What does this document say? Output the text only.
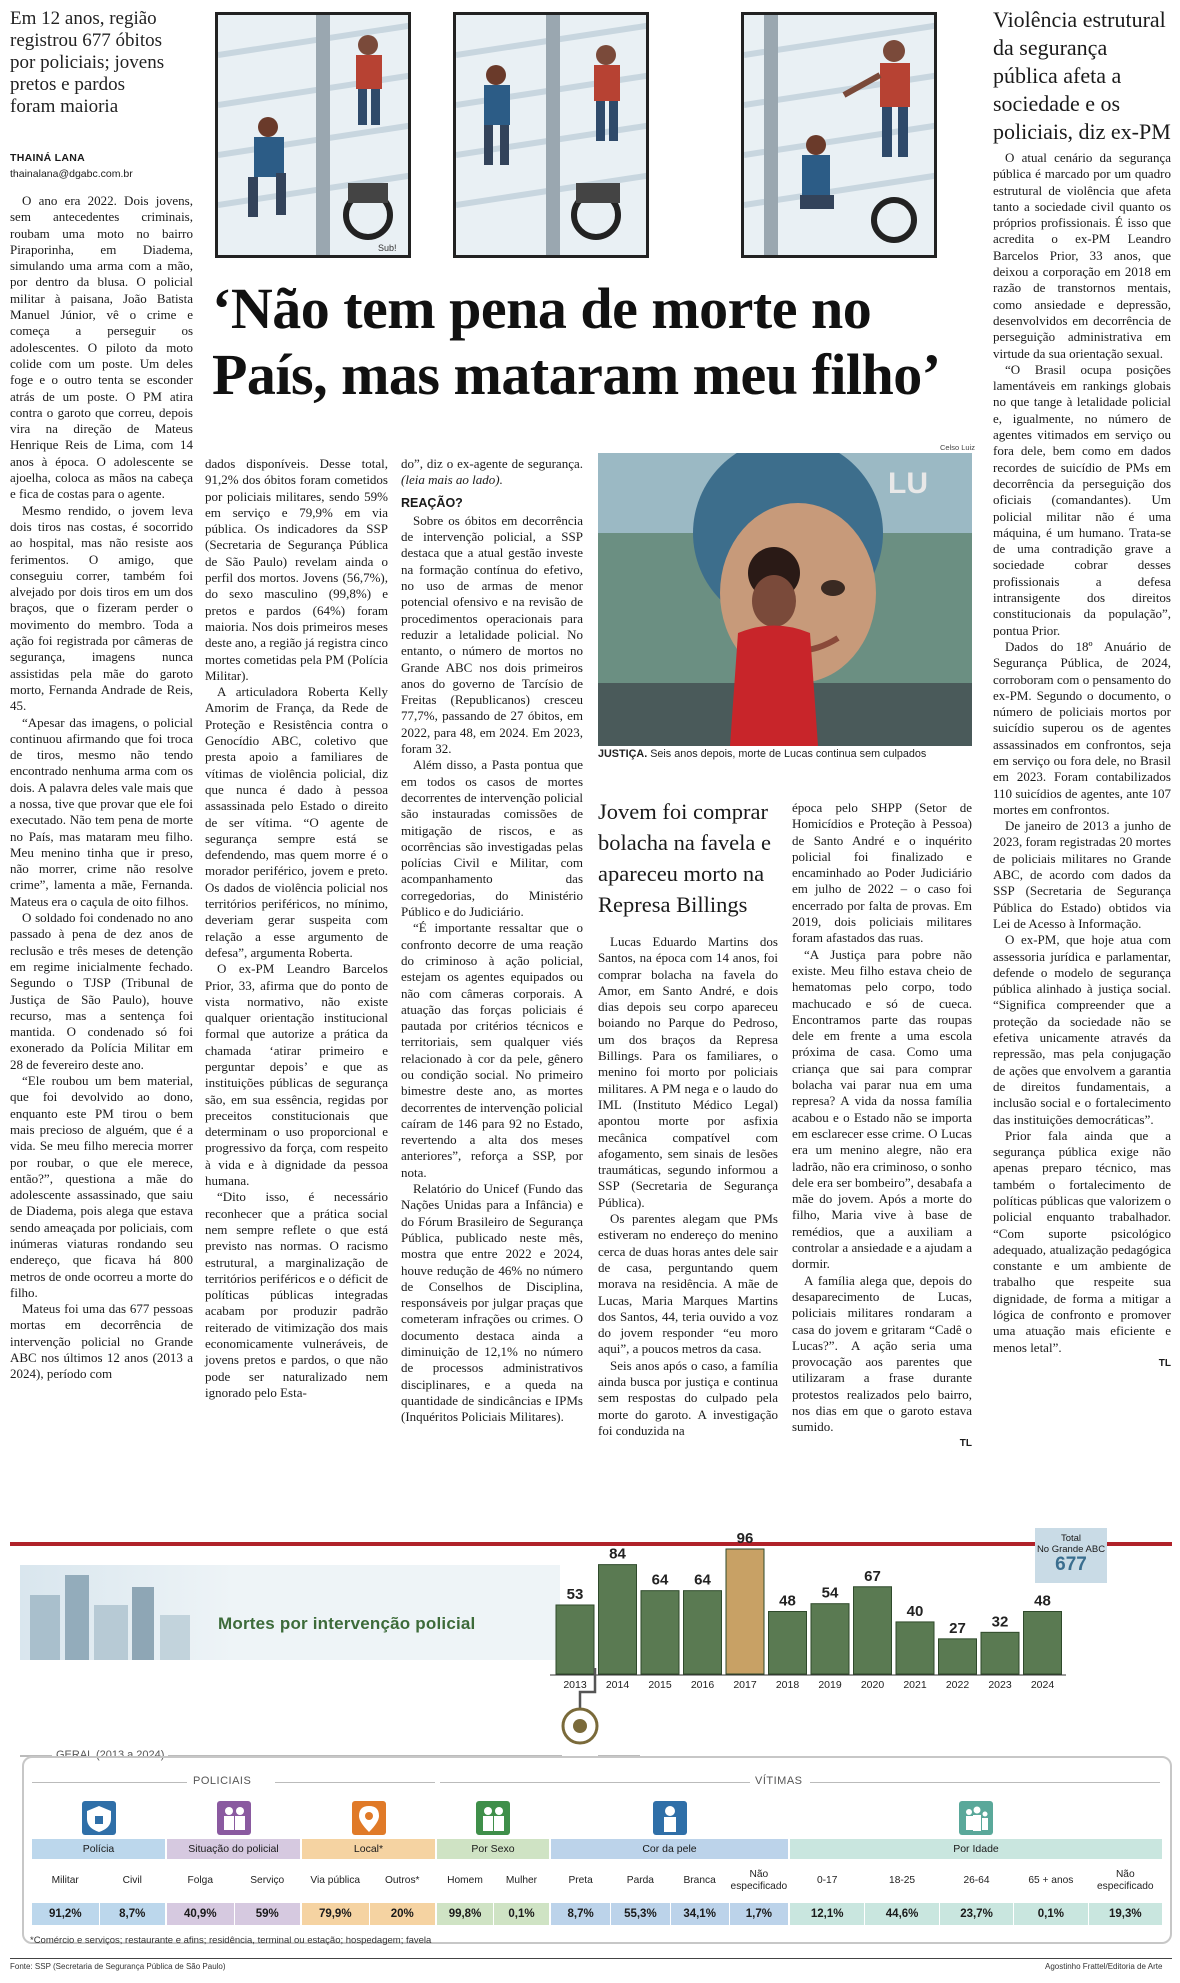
Em 12 anos, região registrou 677 óbitos por policiais; jovens pretos e pardos foram maioria
THAINÁ LANA
thainalana@dgabc.com.br
Sub!
‘Não tem pena de morte no País, mas mataram meu filho’

O ano era 2022. Dois jovens, sem antecedentes criminais, roubam uma moto no bairro Piraporinha, em Diadema, simulando uma arma com a mão, por dentro da blusa. O policial militar à paisana, João Batista Manuel Júnior, vê o crime e começa a perseguir os adolescentes. O piloto da moto colide com um poste. Um deles foge e o outro tenta se esconder atrás de um poste. O PM atira contra o garoto que correu, depois vira na direção de Mateus Henrique Reis de Lima, com 14 anos à época. O adolescente se ajoelha, coloca as mãos na cabeça e fica de costas para o agente.

Mesmo rendido, o jovem leva dois tiros nas costas, é socorrido ao hospital, mas não resiste aos ferimentos. O amigo, que conseguiu correr, também foi alvejado por dois tiros em um dos braços, que o fizeram perder o movimento do membro. Toda a ação foi registrada por câmeras de segurança, imagens nunca assistidas pela mãe do garoto morto, Fernanda Andrade de Reis, 45.

“Apesar das imagens, o policial continuou afirmando que foi troca de tiros, mesmo não tendo encontrado nenhuma arma com os dois. A palavra deles vale mais que a nossa, tive que provar que ele foi executado. Não tem pena de morte no País, mas mataram meu filho. Meu menino tinha que ir preso, não morrer, crime não resolve crime”, lamenta a mãe, Fernanda. Mateus era o caçula de oito filhos.

O soldado foi condenado no ano passado à pena de dez anos de reclusão e três meses de detenção em regime inicialmente fechado. Segundo o TJSP (Tribunal de Justiça de São Paulo), houve recurso, mas a sentença foi mantida. O condenado só foi exonerado da Polícia Militar em 28 de fevereiro deste ano.

“Ele roubou um bem material, que foi devolvido ao dono, enquanto este PM tirou o bem mais precioso de alguém, que é a vida. Se meu filho merecia morrer por roubar, o que ele merece, então?”, questiona a mãe do adolescente assassinado, que saiu de Diadema, pois alega que estava sendo ameaçada por policiais, com inúmeras viaturas rondando seu endereço, que ficava há 800 metros de onde ocorreu a morte do filho.

Mateus foi uma das 677 pessoas mortas em decorrência de intervenção policial no Grande ABC nos últimos 12 anos (2013 a 2024), período com

dados disponíveis. Desse total, 91,2% dos óbitos foram cometidos por policiais militares, sendo 59% em serviço e 79,9% em via pública. Os indicadores da SSP (Secretaria de Segurança Pública de São Paulo) revelam ainda o perfil dos mortos. Jovens (56,7%), do sexo masculino (99,8%) e pretos e pardos (64%) foram maioria. Nos dois primeiros meses deste ano, a região já registra cinco mortes cometidas pela PM (Polícia Militar).

A articuladora Roberta Kelly Amorim de França, da Rede de Proteção e Resistência contra o Genocídio ABC, coletivo que presta apoio a familiares de vítimas de violência policial, diz que nunca é dado à pessoa assassinada pelo Estado o direito de ser vítima. “O agente de segurança sempre está se defendendo, mas quem morre é o morador periférico, jovem e preto. Os dados de violência policial nos territórios periféricos, no mínimo, deveriam gerar suspeita com relação a esse argumento de defesa”, argumenta Roberta.

O ex-PM Leandro Barcelos Prior, 33, afirma que do ponto de vista normativo, não existe qualquer orientação institucional formal que autorize a prática da chamada ‘atirar primeiro e perguntar depois’ e que as instituições públicas de segurança são, em sua essência, regidas por preceitos constitucionais que determinam o uso proporcional e progressivo da força, com respeito à vida e à dignidade da pessoa humana.

“Dito isso, é necessário reconhecer que a prática social nem sempre reflete o que está previsto nas normas. O racismo estrutural, a marginalização de territórios periféricos e o déficit de políticas públicas integradas acabam por produzir padrão reiterado de vitimização dos mais economicamente vulneráveis, de jovens pretos e pardos, o que não pode ser naturalizado nem ignorado pelo Esta-

do”, diz o ex-agente de segurança. (leia mais ao lado).

REAÇÃO?

Sobre os óbitos em decorrência de intervenção policial, a SSP destaca que a atual gestão investe na formação contínua do efetivo, no uso de armas de menor potencial ofensivo e na revisão de procedimentos operacionais para reduzir a letalidade policial. No entanto, o número de mortos no Grande ABC nos dois primeiros anos do governo de Tarcísio de Freitas (Republicanos) cresceu 77,7%, passando de 27 óbitos, em 2022, para 48, em 2024. Em 2023, foram 32.

Além disso, a Pasta pontua que em todos os casos de mortes decorrentes de intervenção policial são instauradas comissões de mitigação de riscos, e as ocorrências são investigadas pelas polícias Civil e Militar, com acompanhamento das corregedorias, do Ministério Público e do Judiciário.

“É importante ressaltar que o confronto decorre de uma reação do criminoso à ação policial, estejam os agentes equipados ou não com câmeras corporais. A atuação das forças policiais é pautada por critérios técnicos e territoriais, sem qualquer viés relacionado à cor da pele, gênero ou condição social. No primeiro bimestre deste ano, as mortes decorrentes de intervenção policial caíram de 146 para 92 no Estado, revertendo a alta dos meses anteriores”, reforça a SSP, por nota.

Relatório do Unicef (Fundo das Nações Unidas para a Infância) e do Fórum Brasileiro de Segurança Pública, publicado neste mês, mostra que entre 2022 e 2024, houve redução de 46% no número de Conselhos de Disciplina, responsáveis por julgar praças que cometeram infrações ou crimes. O documento destaca ainda a diminuição de 12,1% no número de processos administrativos disciplinares, e a queda na quantidade de sindicâncias e IPMs (Inquéritos Policiais Militares).

Celso Luiz
LU
JUSTIÇA. Seis anos depois, morte de Lucas continua sem culpados
Jovem foi comprar bolacha na favela e apareceu morto na Represa Billings

Lucas Eduardo Martins dos Santos, na época com 14 anos, foi comprar bolacha na favela do Amor, em Santo André, e dois dias depois seu corpo apareceu boiando no Parque do Pedroso, um dos braços da Represa Billings. Para os familiares, o menino foi morto por policiais militares. A PM nega e o laudo do IML (Instituto Médico Legal) apontou morte por asfixia mecânica compatível com afogamento, sem sinais de lesões traumáticas, segundo informou a SSP (Secretaria de Segurança Pública).

Os parentes alegam que PMs estiveram no endereço do menino cerca de duas horas antes dele sair de casa, perguntando quem morava na residência. A mãe de Lucas, Maria Marques Martins dos Santos, 44, teria ouvido a voz do jovem responder “eu moro aqui”, a poucos metros da casa.

Seis anos após o caso, a família ainda busca por justiça e continua sem respostas do culpado pela morte do garoto. A investigação foi conduzida na

época pelo SHPP (Setor de Homicídios e Proteção à Pessoa) de Santo André e o inquérito policial foi finalizado e encaminhado ao Poder Judiciário em julho de 2022 – o caso foi encerrado por falta de provas. Em 2019, dois policiais militares foram afastados das ruas.

“A Justiça para pobre não existe. Meu filho estava cheio de hematomas pelo corpo, todo machucado e só de cueca. Encontramos parte das roupas dele em frente a uma escola próxima de casa. Como uma criança que sai para comprar bolacha vai parar nua em uma represa? A vida da nossa família acabou e o Estado não se importa em esclarecer esse crime. O Lucas era um menino alegre, não era ladrão, não era criminoso, o sonho dele era ser bombeiro”, desabafa a mãe do jovem. Após a morte do filho, Maria vive à base de remédios, que a auxiliam a controlar a ansiedade e a ajudam a dormir.

A família alega que, depois do desaparecimento de Lucas, policiais militares rondaram a casa do jovem e gritaram “Cadê o Lucas?”. A ação seria uma provocação aos parentes que utilizaram a frase durante protestos realizados pelo bairro, nos dias em que o garoto estava sumido.

TL
Violência estrutural da segurança pública afeta a sociedade e os policiais, diz ex-PM

O atual cenário da segurança pública é marcado por um quadro estrutural de violência que afeta tanto a sociedade civil quanto os próprios profissionais. É isso que acredita o ex-PM Leandro Barcelos Prior, 33 anos, que deixou a corporação em 2018 em razão de transtornos mentais, como ansiedade e depressão, desenvolvidos em decorrência de perseguição administrativa em virtude da sua orientação sexual.

“O Brasil ocupa posições lamentáveis em rankings globais no que tange à letalidade policial e, igualmente, no número de agentes vitimados em serviço ou fora dele, bem como em dados recordes de suicídio de PMs em decorrência da perseguição dos oficiais (comandantes). Um policial militar não é uma máquina, é um humano. Trata-se de uma contradição grave a sociedade cobrar desses profissionais a defesa intransigente dos direitos constitucionais da população”, pontua Prior.

Dados do 18º Anuário de Segurança Pública, de 2024, corroboram com o pensamento do ex-PM. Segundo o documento, o número de policiais mortos por suicídio superou os de agentes assassinados em confrontos, seja em serviço ou fora dele, no Brasil em 2023. Foram contabilizados 110 suicídios de agentes, ante 107 mortes em confrontos.

De janeiro de 2013 a junho de 2023, foram registradas 20 mortes de policiais militares no Grande ABC, de acordo com dados da SSP (Secretaria de Segurança Pública do Estado) obtidos via Lei de Acesso à Informação.

O ex-PM, que hoje atua com assessoria jurídica e parlamentar, defende o modelo de segurança pública alinhado à justiça social. “Significa compreender que a proteção da sociedade não se efetiva unicamente através da repressão, mas pela conjugação de ações que envolvem a garantia de direitos fundamentais, a inclusão social e o fortalecimento das instituições democráticas”.

Prior fala ainda que a segurança pública exige não apenas preparo técnico, mas também o fortalecimento de políticas públicas que valorizem o policial enquanto trabalhador. “Com suporte psicológico adequado, atualização pedagógica constante e um ambiente de trabalho que respeite sua dignidade, de forma a mitigar a lógica de confronto e promover uma atuação mais eficiente e menos letal”.

TL
Mortes por intervenção policial
53
2013
84
2014
64
2015
64
2016
96
2017
48
2018
54
2019
67
2020
40
2021
27
2022
32
2023
48
2024
Total
No Grande ABC
677
GERAL (2013 a 2024)
POLICIAIS	VÍTIMAS
Polícia
Militar
91,2%
Civil
8,7%
Situação do policial
Folga
40,9%
Serviço
59%
Local*
Via pública
79,9%
Outros*
20%
Por Sexo
Homem
99,8%
Mulher
0,1%
Cor da pele
Preta
8,7%
Parda
55,3%
Branca
34,1%
Não especificado
1,7%
Por Idade
0-17
12,1%
18-25
44,6%
26-64
23,7%
65 + anos
0,1%
Não especificado
19,3%
*Comércio e serviços; restaurante e afins; residência, terminal ou estação; hospedagem; favela
Fonte: SSP (Secretaria de Segurança Pública de São Paulo)	Agostinho Frattel/Editoria de Arte
